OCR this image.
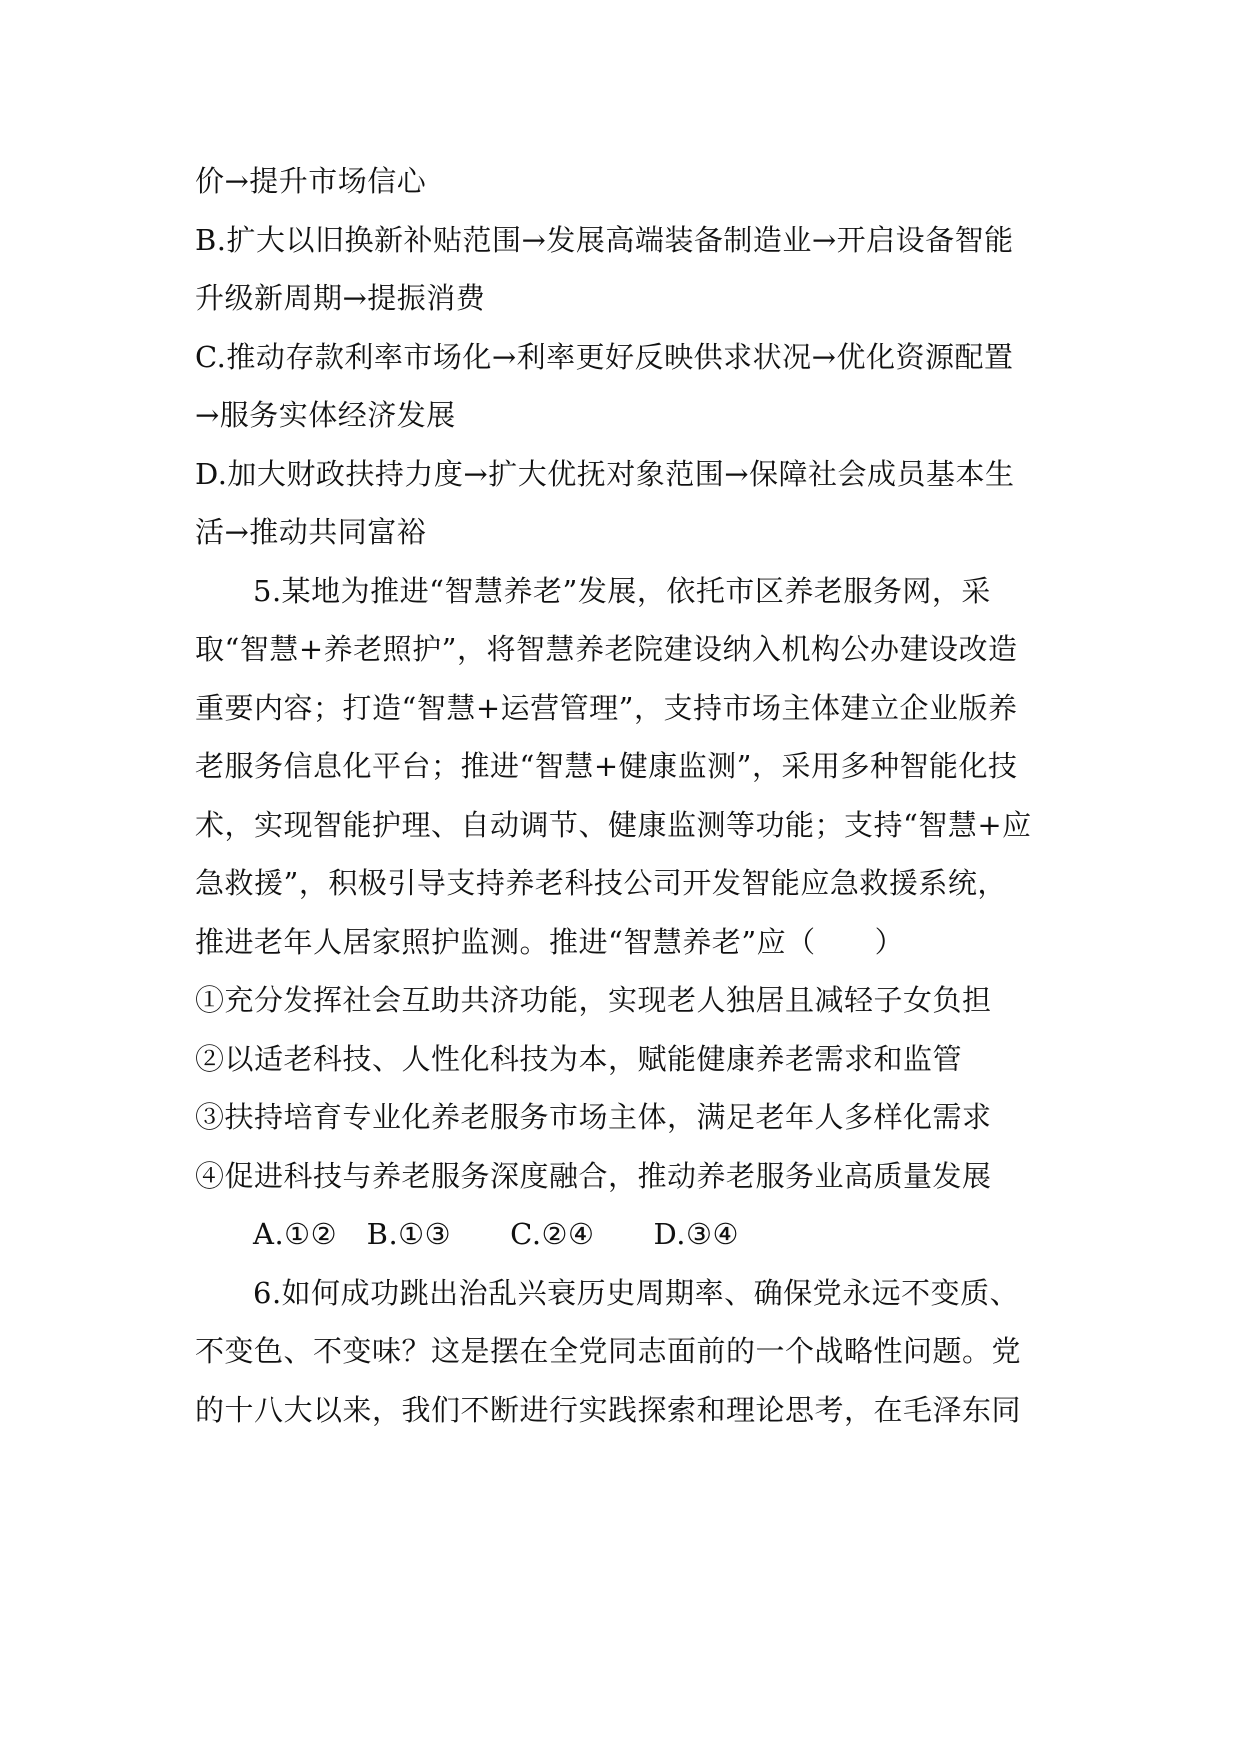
价→提升市场信心
B.扩大以旧换新补贴范围→发展高端装备制造业→开启设备智能
升级新周期→提振消费
C.推动存款利率市场化→利率更好反映供求状况→优化资源配置
→服务实体经济发展
D.加大财政扶持力度→扩大优抚对象范围→保障社会成员基本生
活→推动共同富裕
5.某地为推进“智慧养老”发展，依托市区养老服务网，采
取“智慧+养老照护”，将智慧养老院建设纳入机构公办建设改造
重要内容；打造“智慧+运营管理”，支持市场主体建立企业版养
老服务信息化平台；推进“智慧+健康监测”，采用多种智能化技
术，实现智能护理、自动调节、健康监测等功能；支持“智慧+应
急救援”，积极引导支持养老科技公司开发智能应急救援系统，
推进老年人居家照护监测。推进“智慧养老”应（　　）
①充分发挥社会互助共济功能，实现老人独居且减轻子女负担
②以适老科技、人性化科技为本，赋能健康养老需求和监管
③扶持培育专业化养老服务市场主体，满足老年人多样化需求
④促进科技与养老服务深度融合，推动养老服务业高质量发展
A.①②　B.①③　　C.②④　　D.③④
6.如何成功跳出治乱兴衰历史周期率、确保党永远不变质、
不变色、不变味？这是摆在全党同志面前的一个战略性问题。党
的十八大以来，我们不断进行实践探索和理论思考，在毛泽东同
